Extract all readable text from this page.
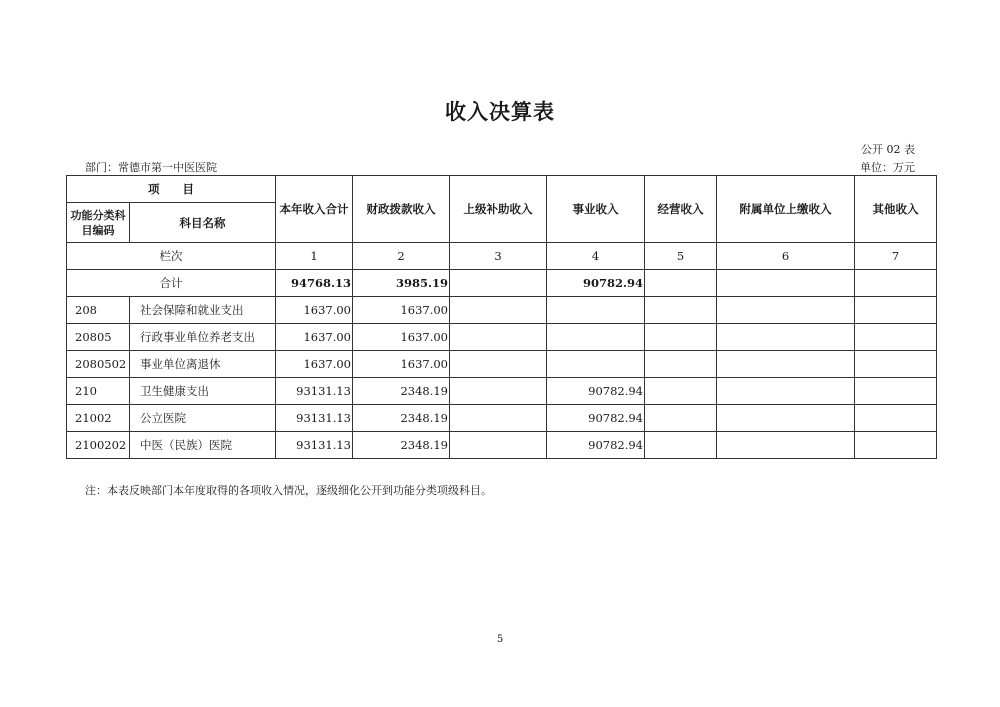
收入决算表
公开 02 表
部门：常德市第一中医医院	单位：万元
项　　目		本年收入合计	财政拨款收入	上级补助收入	事业收入	经营收入	附属单位上缴收入	其他收入
功能分类科目编码	科目名称							
栏次		1	2	3	4	5	6	7
合计		94768.13	3985.19		90782.94			
208	社会保障和就业支出	1637.00	1637.00					
20805	行政事业单位养老支出	1637.00	1637.00					
2080502	事业单位离退休	1637.00	1637.00					
210	卫生健康支出	93131.13	2348.19		90782.94			
21002	公立医院	93131.13	2348.19		90782.94			
2100202	中医（民族）医院	93131.13	2348.19		90782.94			
注：本表反映部门本年度取得的各项收入情况，逐级细化公开到功能分类项级科目。
5
